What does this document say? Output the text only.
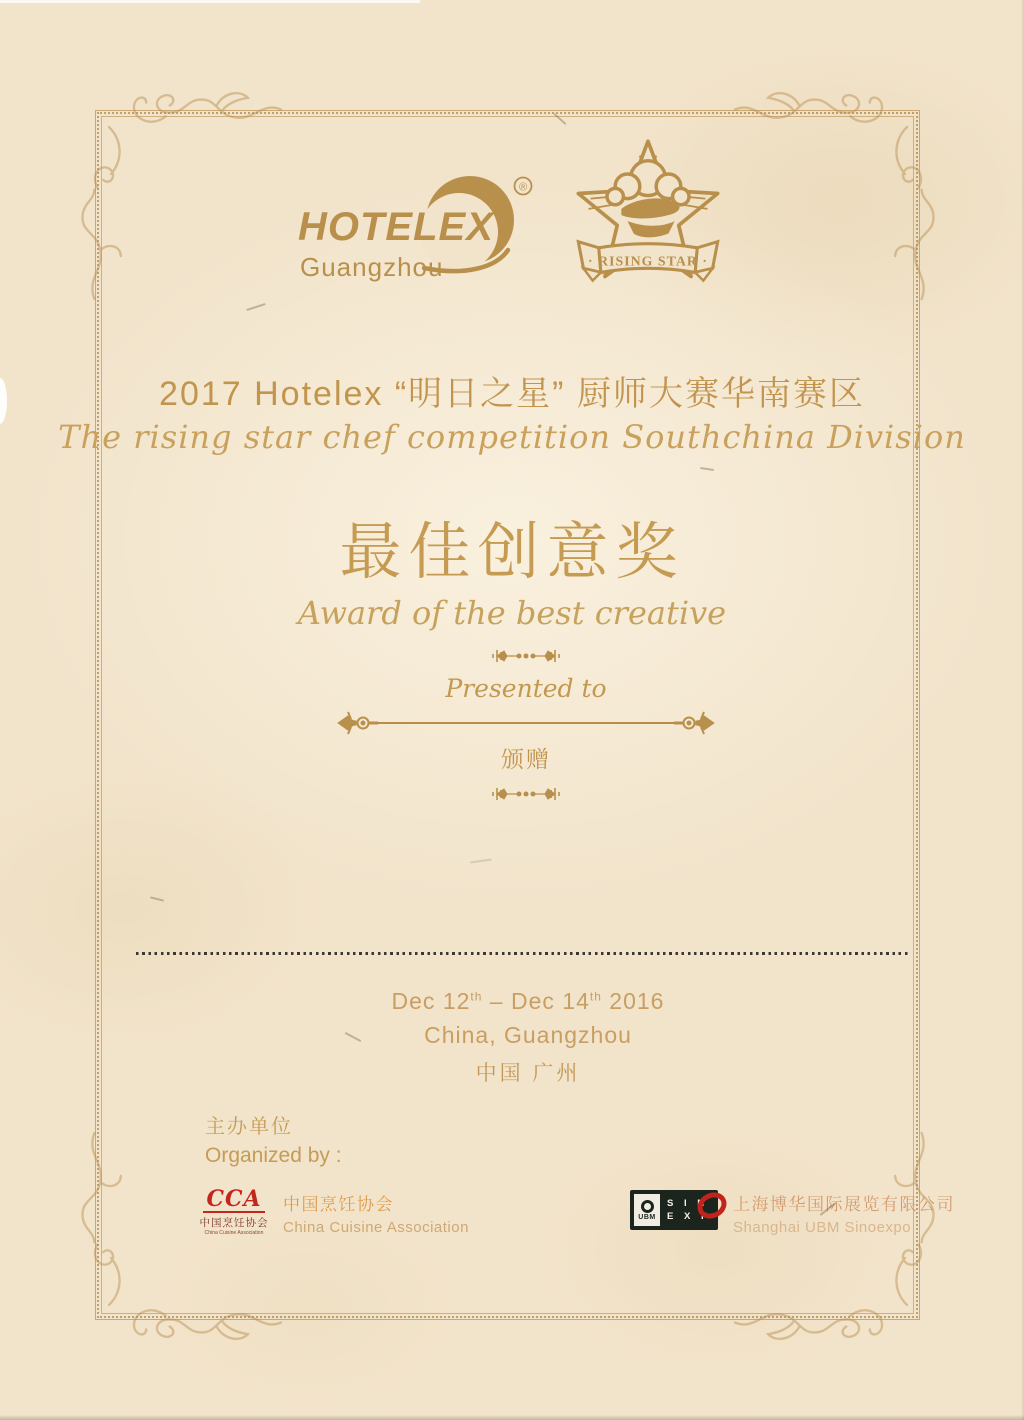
HOTELEX
®
Guangzhou	· RISING STAR ·
2017 Hotelex “明日之星” 厨师大赛华南赛区
The rising star chef competition Southchina Division
最佳创意奖
Award of the best creative
Presented to
颁赠
Dec 12th – Dec 14th 2016
China, Guangzhou
中国 广州
主办单位
Organized by :
CCA
中国烹饪协会
China Cuisine Association
中国烹饪协会
China Cuisine Association
UBM
S I N
E X P
上海博华国际展览有限公司
Shanghai UBM Sinoexpo
